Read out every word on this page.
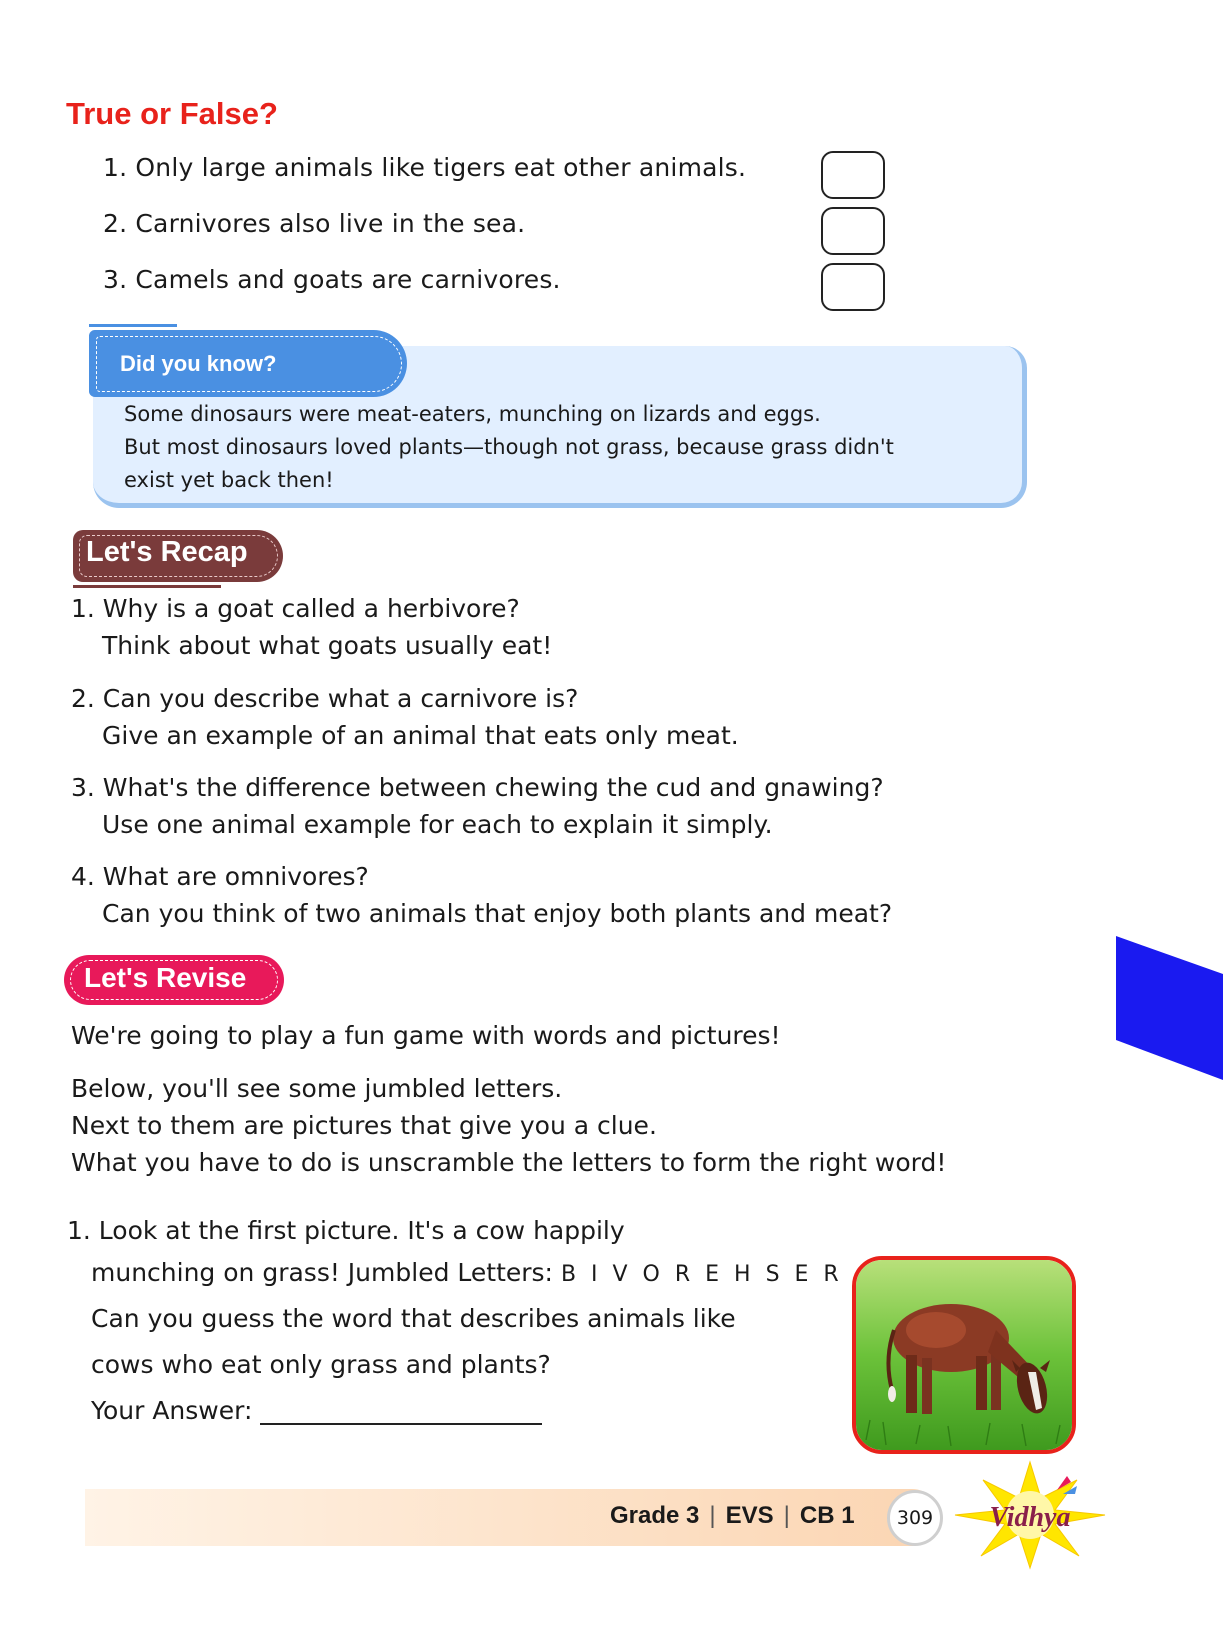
True or False?
1. Only large animals like tigers eat other animals.
2. Carnivores also live in the sea.
3. Camels and goats are carnivores.
Did you know?
Some dinosaurs were meat-eaters, munching on lizards and eggs.
But most dinosaurs loved plants—though not grass, because grass didn't
exist yet back then!
Let's Recap
1. Why is a goat called a herbivore?
Think about what goats usually eat!
2. Can you describe what a carnivore is?
Give an example of an animal that eats only meat.
3. What's the difference between chewing the cud and gnawing?
Use one animal example for each to explain it simply.
4. What are omnivores?
Can you think of two animals that enjoy both plants and meat?
Let's Revise
We're going to play a fun game with words and pictures!
Below, you'll see some jumbled letters.
Next to them are pictures that give you a clue.
What you have to do is unscramble the letters to form the right word!
1. Look at the first picture. It's a cow happily
munching on grass! Jumbled Letters: B I V O R E H S E R
Can you guess the word that describes animals like
cows who eat only grass and plants?
Your Answer:
Grade 3 | EVS | CB 1	309	Vidhya
